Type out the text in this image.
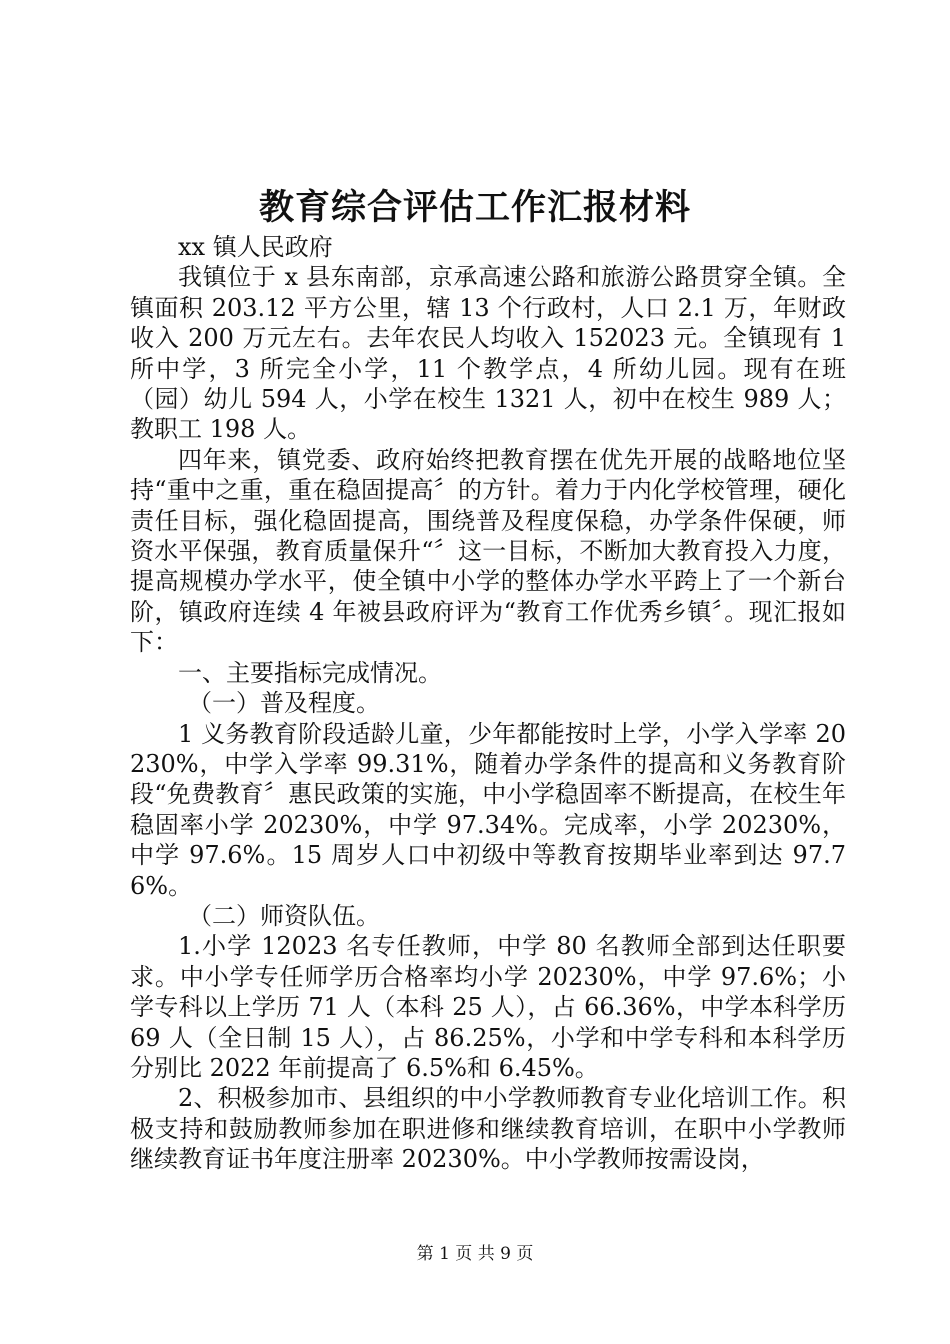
教育综合评估工作汇报材料

xx 镇人民政府

我镇位于 x 县东南部，京承高速公路和旅游公路贯穿全镇。全镇面积 203.12 平方公里，辖 13 个行政村，人口 2.1 万，年财政收入 200 万元左右。去年农民人均收入 152023 元。全镇现有 1 所中学，3 所完全小学，11 个教学点，4 所幼儿园。现有在班（园）幼儿 594 人，小学在校生 1321 人，初中在校生 989 人；教职工 198 人。

四年来，镇党委、政府始终把教育摆在优先开展的战略地位坚持“重中之重，重在稳固提高〞的方针。着力于内化学校管理，硬化责任目标，强化稳固提高，围绕普及程度保稳，办学条件保硬，师资水平保强，教育质量保升“〞这一目标，不断加大教育投入力度，提高规模办学水平，使全镇中小学的整体办学水平跨上了一个新台阶，镇政府连续 4 年被县政府评为“教育工作优秀乡镇〞。现汇报如下：

一、主要指标完成情况。

（一）普及程度。

1 义务教育阶段适龄儿童，少年都能按时上学，小学入学率 20230%，中学入学率 99.31%，随着办学条件的提高和义务教育阶段“免费教育〞惠民政策的实施，中小学稳固率不断提高，在校生年稳固率小学 20230%，中学 97.34%。完成率，小学 20230%，中学 97.6%。15 周岁人口中初级中等教育按期毕业率到达 97.76%。

（二）师资队伍。

1.小学 12023 名专任教师，中学 80 名教师全部到达任职要求。中小学专任师学历合格率均小学 20230%，中学 97.6%；小学专科以上学历 71 人（本科 25 人），占 66.36%，中学本科学历 69 人（全日制 15 人），占 86.25%，小学和中学专科和本科学历分别比 2022 年前提高了 6.5%和 6.45%。

2、积极参加市、县组织的中小学教师教育专业化培训工作。积极支持和鼓励教师参加在职进修和继续教育培训，在职中小学教师继续教育证书年度注册率 20230%。中小学教师按需设岗，

第 1 页 共 9 页
